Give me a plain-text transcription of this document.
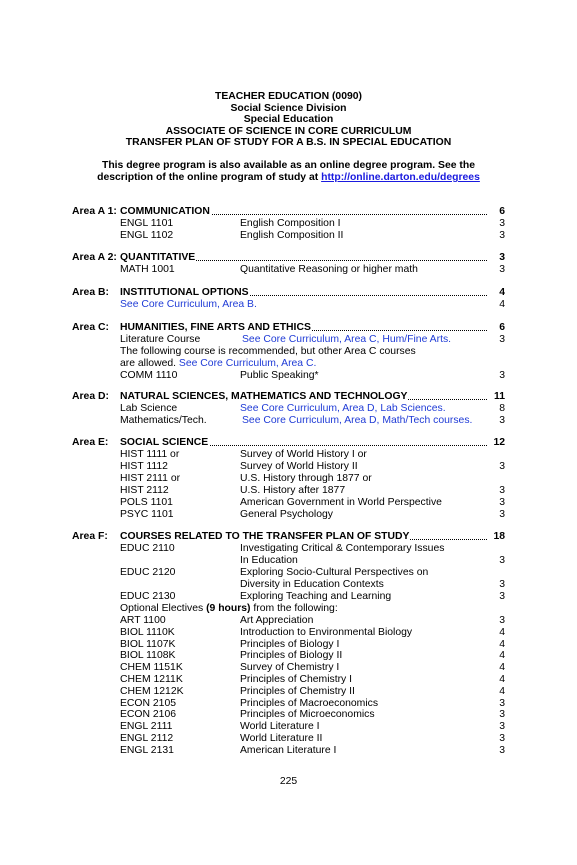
TEACHER EDUCATION (0090)
Social Science Division
Special Education
ASSOCIATE OF SCIENCE IN CORE CURRICULUM
TRANSFER PLAN OF STUDY FOR A B.S. IN SPECIAL EDUCATION
This degree program is also available as an online degree program. See the
description of the online program of study at http://online.darton.edu/degrees
Area A 1: COMMUNICATION	6
ENGL 1101	English Composition I	3
ENGL 1102	English Composition II	3
Area A 2: QUANTITATIVE	3
MATH 1001	Quantitative Reasoning or higher math	3
Area B: INSTITUTIONAL OPTIONS	4
See Core Curriculum, Area B.	4
Area C: HUMANITIES, FINE ARTS AND ETHICS	6
Literature Course	See Core Curriculum, Area C, Hum/Fine Arts.	3
The following course is recommended, but other Area C courses
are allowed. See Core Curriculum, Area C.
COMM 1110	Public Speaking*	3
Area D: NATURAL SCIENCES, MATHEMATICS AND TECHNOLOGY	11
Lab Science	See Core Curriculum, Area D, Lab Sciences.	8
Mathematics/Tech.	See Core Curriculum, Area D, Math/Tech courses.	3
Area E: SOCIAL SCIENCE	12
HIST 1111 or	Survey of World History I or
HIST 1112	Survey of World History II	3
HIST 2111 or	U.S. History through 1877 or
HIST 2112	U.S. History after 1877	3
POLS 1101	American Government in World Perspective	3
PSYC 1101	General Psychology	3
Area F: COURSES RELATED TO THE TRANSFER PLAN OF STUDY	18
EDUC 2110	Investigating Critical & Contemporary Issues
In Education	3
EDUC 2120	Exploring Socio-Cultural Perspectives on
Diversity in Education Contexts	3
EDUC 2130	Exploring Teaching and Learning	3
Optional Electives (9 hours) from the following:
ART 1100	Art Appreciation	3
BIOL 1110K	Introduction to Environmental Biology	4
BIOL 1107K	Principles of Biology I	4
BIOL 1108K	Principles of Biology II	4
CHEM 1151K	Survey of Chemistry I	4
CHEM 1211K	Principles of Chemistry I	4
CHEM 1212K	Principles of Chemistry II	4
ECON 2105	Principles of Macroeconomics	3
ECON 2106	Principles of Microeconomics	3
ENGL 2111	World Literature I	3
ENGL 2112	World Literature II	3
ENGL 2131	American Literature I	3
225
